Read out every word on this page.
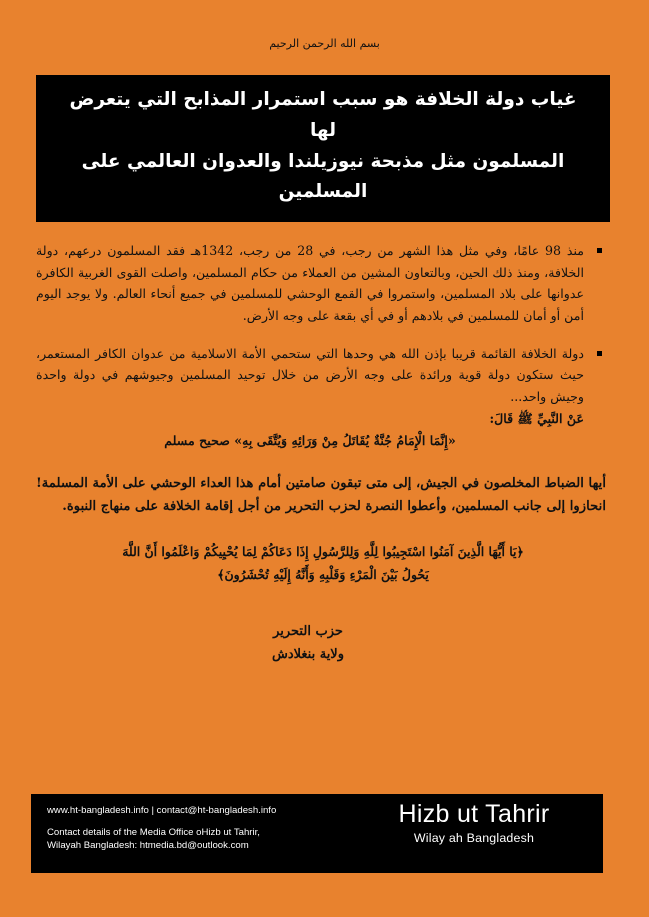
بسم الله الرحمن الرحيم
غياب دولة الخلافة هو سبب استمرار المذابح التي يتعرض لها
المسلمون مثل مذبحة نيوزيلندا والعدوان العالمي على المسلمين
منذ 98 عامًا، وفي مثل هذا الشهر من رجب، في 28 من رجب، 1342هـ فقد المسلمون درعهم، دولة الخلافة، ومنذ ذلك الحين، وبالتعاون المشين من العملاء من حكام المسلمين، واصلت القوى الغربية الكافرة عدوانها على بلاد المسلمين، واستمروا في القمع الوحشي للمسلمين في جميع أنحاء العالم. ولا يوجد اليوم أمن أو أمان للمسلمين في بلادهم أو في أي بقعة على وجه الأرض.
دولة الخلافة القائمة قريبا بإذن الله هي وحدها التي ستحمي الأمة الاسلامية من عدوان الكافر المستعمر، حيث ستكون دولة قوية ورائدة على وجه الأرض من خلال توحيد المسلمين وجيوشهم في دولة واحدة وجيش واحد...
عَنْ النَّبِيِّ ﷺ قَالَ:
«إِنَّمَا الْإِمَامُ جُنَّةٌ يُقَاتَلُ مِنْ وَرَائِهِ وَيُتَّقَى بِهِ» صحيح مسلم

أيها الضباط المخلصون في الجيش، إلى متى تبقون صامتين أمام هذا العداء الوحشي على الأمة المسلمة! انحازوا إلى جانب المسلمين، وأعطوا النصرة لحزب التحرير من أجل إقامة الخلافة على منهاج النبوة.

﴿يَا أَيُّهَا الَّذِينَ آمَنُوا اسْتَجِيبُوا لِلَّهِ وَلِلرَّسُولِ إِذَا دَعَاكُمْ لِمَا يُحْيِيكُمْ وَاعْلَمُوا أَنَّ اللَّهَ
يَحُولُ بَيْنَ الْمَرْءِ وَقَلْبِهِ وَأَنَّهُ إِلَيْهِ تُحْشَرُونَ﴾
حزب التحرير
ولاية بنغلادش
www.ht-bangladesh.info | contact@ht-bangladesh.info
Contact details of the Media Office oHizb ut Tahrir,
Wilayah Bangladesh: htmedia.bd@outlook.com
Hizb ut Tahrir
Wilay ah Bangladesh
